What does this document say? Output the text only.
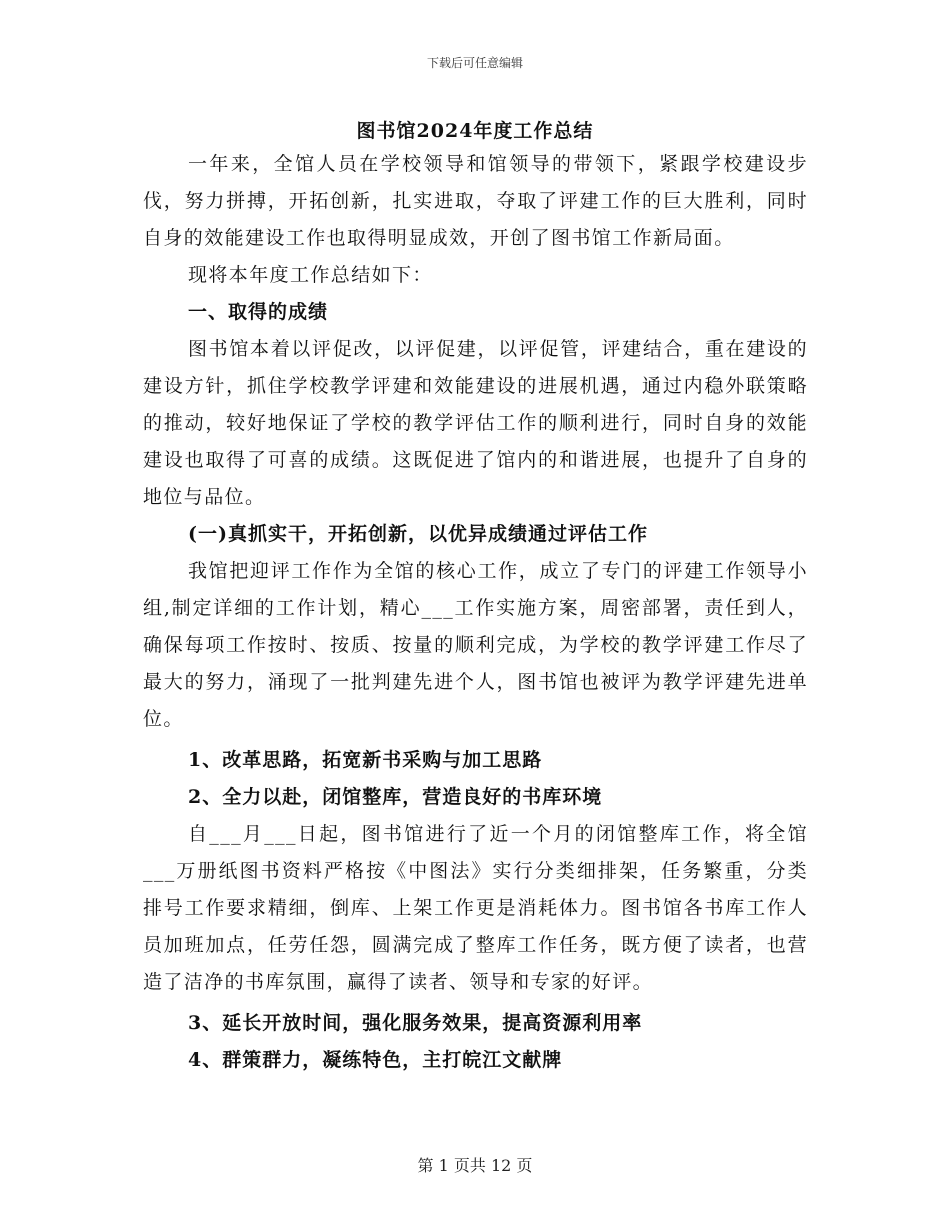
下载后可任意编辑
图书馆2024年度工作总结

一年来，全馆人员在学校领导和馆领导的带领下，紧跟学校建设步伐，努力拼搏，开拓创新，扎实进取，夺取了评建工作的巨大胜利，同时自身的效能建设工作也取得明显成效，开创了图书馆工作新局面。

现将本年度工作总结如下：

一、取得的成绩

图书馆本着以评促改，以评促建，以评促管，评建结合，重在建设的建设方针，抓住学校教学评建和效能建设的进展机遇，通过内稳外联策略的推动，较好地保证了学校的教学评估工作的顺利进行，同时自身的效能建设也取得了可喜的成绩。这既促进了馆内的和谐进展，也提升了自身的地位与品位。

(一)真抓实干，开拓创新，以优异成绩通过评估工作

我馆把迎评工作作为全馆的核心工作，成立了专门的评建工作领导小组,制定详细的工作计划，精心___工作实施方案，周密部署，责任到人，确保每项工作按时、按质、按量的顺利完成，为学校的教学评建工作尽了最大的努力，涌现了一批判建先进个人，图书馆也被评为教学评建先进单位。

1、改革思路，拓宽新书采购与加工思路

2、全力以赴，闭馆整库，营造良好的书库环境

自___月___日起，图书馆进行了近一个月的闭馆整库工作，将全馆___万册纸图书资料严格按《中图法》实行分类细排架，任务繁重，分类排号工作要求精细，倒库、上架工作更是消耗体力。图书馆各书库工作人员加班加点，任劳任怨，圆满完成了整库工作任务，既方便了读者，也营造了洁净的书库氛围，赢得了读者、领导和专家的好评。

3、延长开放时间，强化服务效果，提高资源利用率

4、群策群力，凝练特色，主打皖江文献牌

第 1 页共 12 页
